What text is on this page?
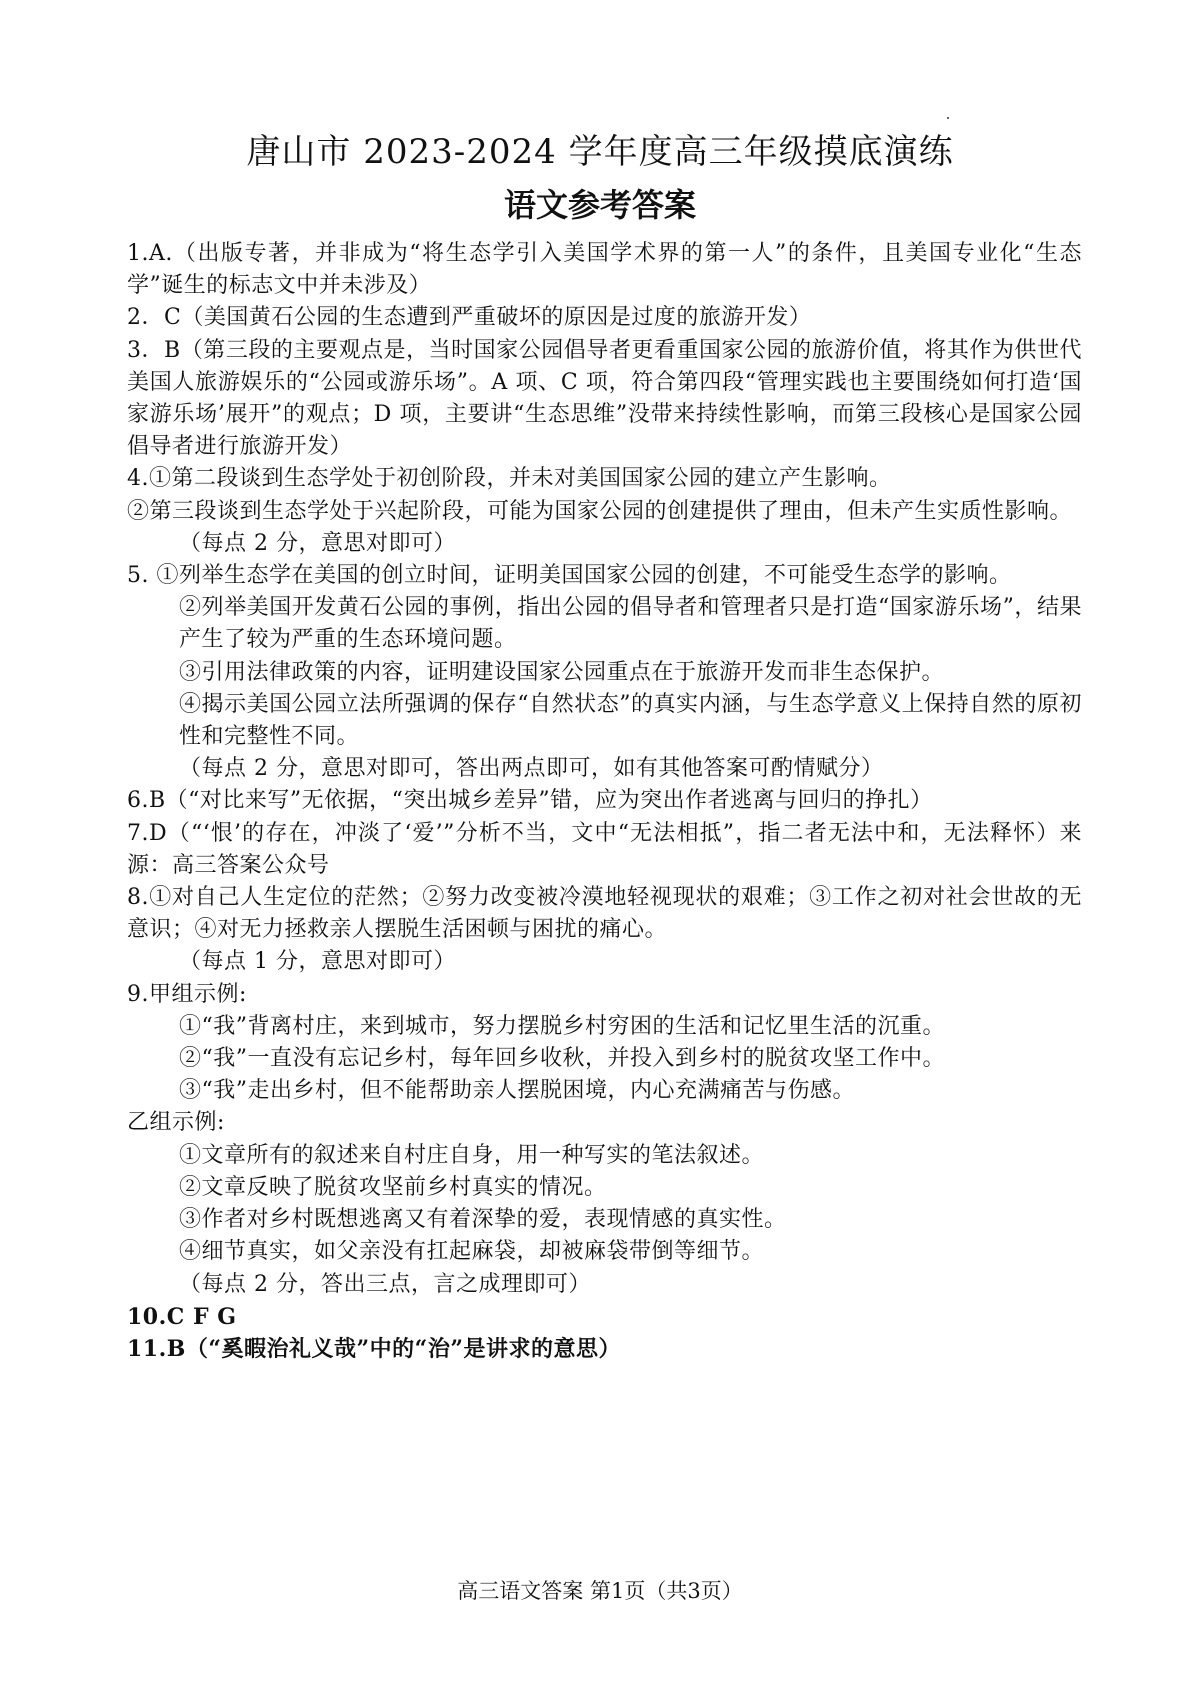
唐山市 2023-2024 学年度高三年级摸底演练
语文参考答案

1.A.（出版专著，并非成为“将生态学引入美国学术界的第一人”的条件，且美国专业化“生态学”诞生的标志文中并未涉及）

2．C（美国黄石公园的生态遭到严重破坏的原因是过度的旅游开发）

3．B（第三段的主要观点是，当时国家公园倡导者更看重国家公园的旅游价值，将其作为供世代美国人旅游娱乐的“公园或游乐场”。A 项、C 项，符合第四段“管理实践也主要围绕如何打造‘国家游乐场’展开”的观点；D 项，主要讲“生态思维”没带来持续性影响，而第三段核心是国家公园倡导者进行旅游开发）

4.①第二段谈到生态学处于初创阶段，并未对美国国家公园的建立产生影响。

②第三段谈到生态学处于兴起阶段，可能为国家公园的创建提供了理由，但未产生实质性影响。

（每点 2 分，意思对即可）

5. ①列举生态学在美国的创立时间，证明美国国家公园的创建，不可能受生态学的影响。

②列举美国开发黄石公园的事例，指出公园的倡导者和管理者只是打造“国家游乐场”，结果产生了较为严重的生态环境问题。

③引用法律政策的内容，证明建设国家公园重点在于旅游开发而非生态保护。

④揭示美国公园立法所强调的保存“自然状态”的真实内涵，与生态学意义上保持自然的原初性和完整性不同。

（每点 2 分，意思对即可，答出两点即可，如有其他答案可酌情赋分）

6.B（“对比来写”无依据，“突出城乡差异”错，应为突出作者逃离与回归的挣扎）

7.D（“‘恨’的存在，冲淡了‘爱’”分析不当，文中“无法相抵”，指二者无法中和，无法释怀）来源：高三答案公众号

8.①对自己人生定位的茫然；②努力改变被冷漠地轻视现状的艰难；③工作之初对社会世故的无意识；④对无力拯救亲人摆脱生活困顿与困扰的痛心。

（每点 1 分，意思对即可）

9.甲组示例:

①“我”背离村庄，来到城市，努力摆脱乡村穷困的生活和记忆里生活的沉重。

②“我”一直没有忘记乡村，每年回乡收秋，并投入到乡村的脱贫攻坚工作中。

③“我”走出乡村，但不能帮助亲人摆脱困境，内心充满痛苦与伤感。

乙组示例:

①文章所有的叙述来自村庄自身，用一种写实的笔法叙述。

②文章反映了脱贫攻坚前乡村真实的情况。

③作者对乡村既想逃离又有着深挚的爱，表现情感的真实性。

④细节真实，如父亲没有扛起麻袋，却被麻袋带倒等细节。

（每点 2 分，答出三点，言之成理即可）

10.C F G

11.B（“奚暇治礼义哉”中的“治”是讲求的意思）

高三语文答案 第1页（共3页）
